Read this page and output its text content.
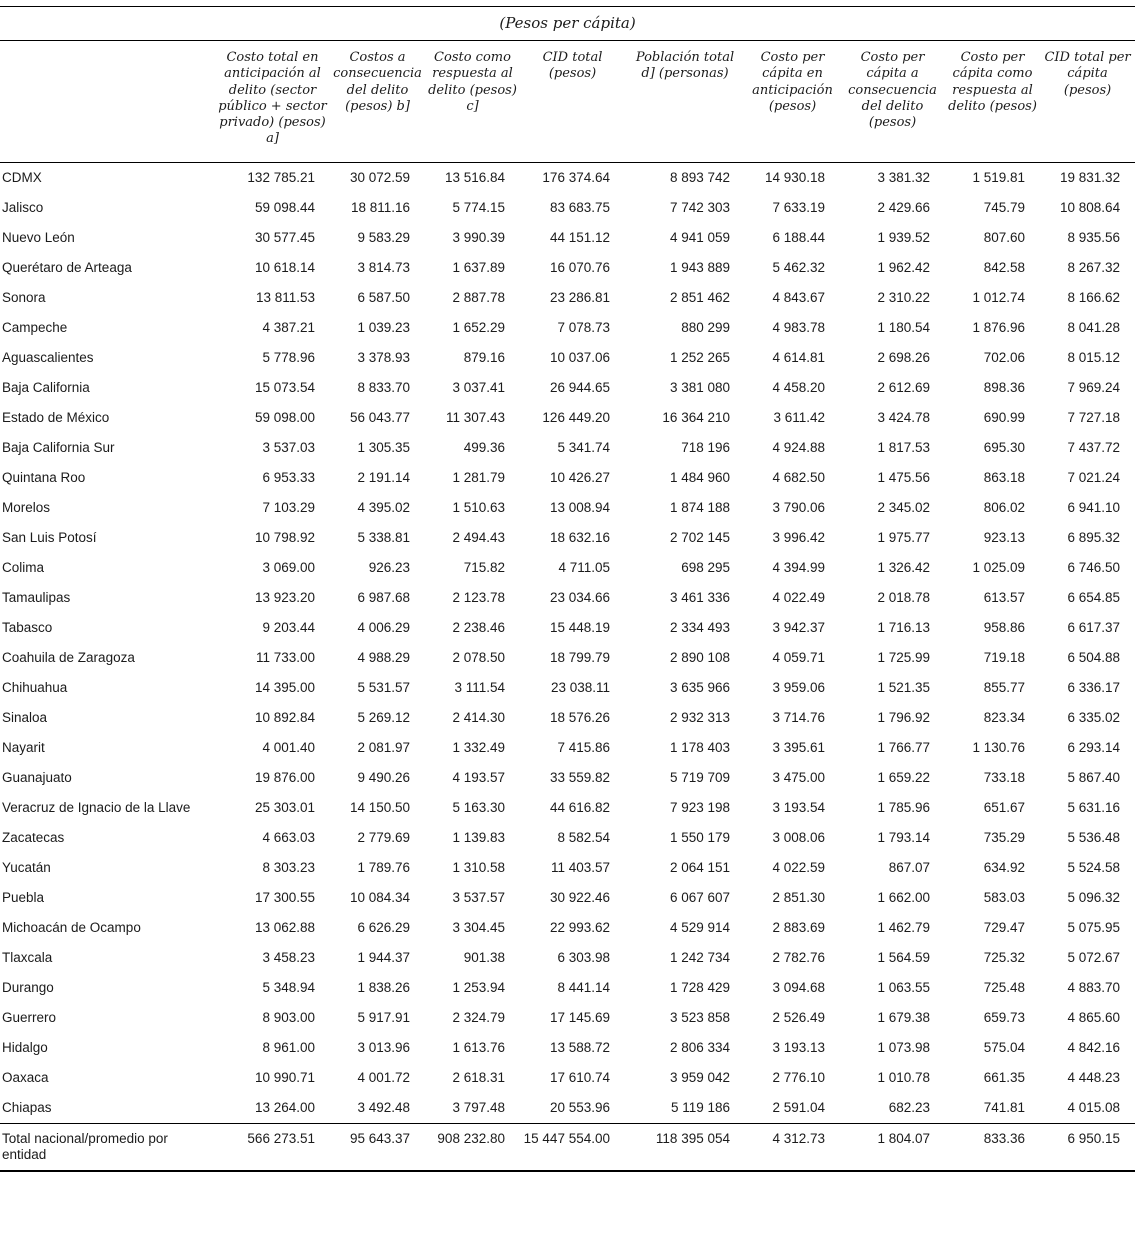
(Pesos per cápita)									
	Costo total en anticipación al delito (sector público + sector privado) (pesos) a]	Costos a consecuencia del delito (pesos) b]	Costo como respuesta al delito (pesos) c]	CID total (pesos)	Población total d] (personas)	Costo per cápita en anticipación (pesos)	Costo per cápita a consecuencia del delito (pesos)	Costo per cápita como respuesta al delito (pesos)	CID total per cápita (pesos)
CDMX	132 785.21	30 072.59	13 516.84	176 374.64	8 893 742	14 930.18	3 381.32	1 519.81	19 831.32
Jalisco	59 098.44	18 811.16	5 774.15	83 683.75	7 742 303	7 633.19	2 429.66	745.79	10 808.64
Nuevo León	30 577.45	9 583.29	3 990.39	44 151.12	4 941 059	6 188.44	1 939.52	807.60	8 935.56
Querétaro de Arteaga	10 618.14	3 814.73	1 637.89	16 070.76	1 943 889	5 462.32	1 962.42	842.58	8 267.32
Sonora	13 811.53	6 587.50	2 887.78	23 286.81	2 851 462	4 843.67	2 310.22	1 012.74	8 166.62
Campeche	4 387.21	1 039.23	1 652.29	7 078.73	880 299	4 983.78	1 180.54	1 876.96	8 041.28
Aguascalientes	5 778.96	3 378.93	879.16	10 037.06	1 252 265	4 614.81	2 698.26	702.06	8 015.12
Baja California	15 073.54	8 833.70	3 037.41	26 944.65	3 381 080	4 458.20	2 612.69	898.36	7 969.24
Estado de México	59 098.00	56 043.77	11 307.43	126 449.20	16 364 210	3 611.42	3 424.78	690.99	7 727.18
Baja California Sur	3 537.03	1 305.35	499.36	5 341.74	718 196	4 924.88	1 817.53	695.30	7 437.72
Quintana Roo	6 953.33	2 191.14	1 281.79	10 426.27	1 484 960	4 682.50	1 475.56	863.18	7 021.24
Morelos	7 103.29	4 395.02	1 510.63	13 008.94	1 874 188	3 790.06	2 345.02	806.02	6 941.10
San Luis Potosí	10 798.92	5 338.81	2 494.43	18 632.16	2 702 145	3 996.42	1 975.77	923.13	6 895.32
Colima	3 069.00	926.23	715.82	4 711.05	698 295	4 394.99	1 326.42	1 025.09	6 746.50
Tamaulipas	13 923.20	6 987.68	2 123.78	23 034.66	3 461 336	4 022.49	2 018.78	613.57	6 654.85
Tabasco	9 203.44	4 006.29	2 238.46	15 448.19	2 334 493	3 942.37	1 716.13	958.86	6 617.37
Coahuila de Zaragoza	11 733.00	4 988.29	2 078.50	18 799.79	2 890 108	4 059.71	1 725.99	719.18	6 504.88
Chihuahua	14 395.00	5 531.57	3 111.54	23 038.11	3 635 966	3 959.06	1 521.35	855.77	6 336.17
Sinaloa	10 892.84	5 269.12	2 414.30	18 576.26	2 932 313	3 714.76	1 796.92	823.34	6 335.02
Nayarit	4 001.40	2 081.97	1 332.49	7 415.86	1 178 403	3 395.61	1 766.77	1 130.76	6 293.14
Guanajuato	19 876.00	9 490.26	4 193.57	33 559.82	5 719 709	3 475.00	1 659.22	733.18	5 867.40
Veracruz de Ignacio de la Llave	25 303.01	14 150.50	5 163.30	44 616.82	7 923 198	3 193.54	1 785.96	651.67	5 631.16
Zacatecas	4 663.03	2 779.69	1 139.83	8 582.54	1 550 179	3 008.06	1 793.14	735.29	5 536.48
Yucatán	8 303.23	1 789.76	1 310.58	11 403.57	2 064 151	4 022.59	867.07	634.92	5 524.58
Puebla	17 300.55	10 084.34	3 537.57	30 922.46	6 067 607	2 851.30	1 662.00	583.03	5 096.32
Michoacán de Ocampo	13 062.88	6 626.29	3 304.45	22 993.62	4 529 914	2 883.69	1 462.79	729.47	5 075.95
Tlaxcala	3 458.23	1 944.37	901.38	6 303.98	1 242 734	2 782.76	1 564.59	725.32	5 072.67
Durango	5 348.94	1 838.26	1 253.94	8 441.14	1 728 429	3 094.68	1 063.55	725.48	4 883.70
Guerrero	8 903.00	5 917.91	2 324.79	17 145.69	3 523 858	2 526.49	1 679.38	659.73	4 865.60
Hidalgo	8 961.00	3 013.96	1 613.76	13 588.72	2 806 334	3 193.13	1 073.98	575.04	4 842.16
Oaxaca	10 990.71	4 001.72	2 618.31	17 610.74	3 959 042	2 776.10	1 010.78	661.35	4 448.23
Chiapas	13 264.00	3 492.48	3 797.48	20 553.96	5 119 186	2 591.04	682.23	741.81	4 015.08
Total nacional/promedio por entidad	566 273.51	95 643.37	908 232.80	15 447 554.00	118 395 054	4 312.73	1 804.07	833.36	6 950.15
